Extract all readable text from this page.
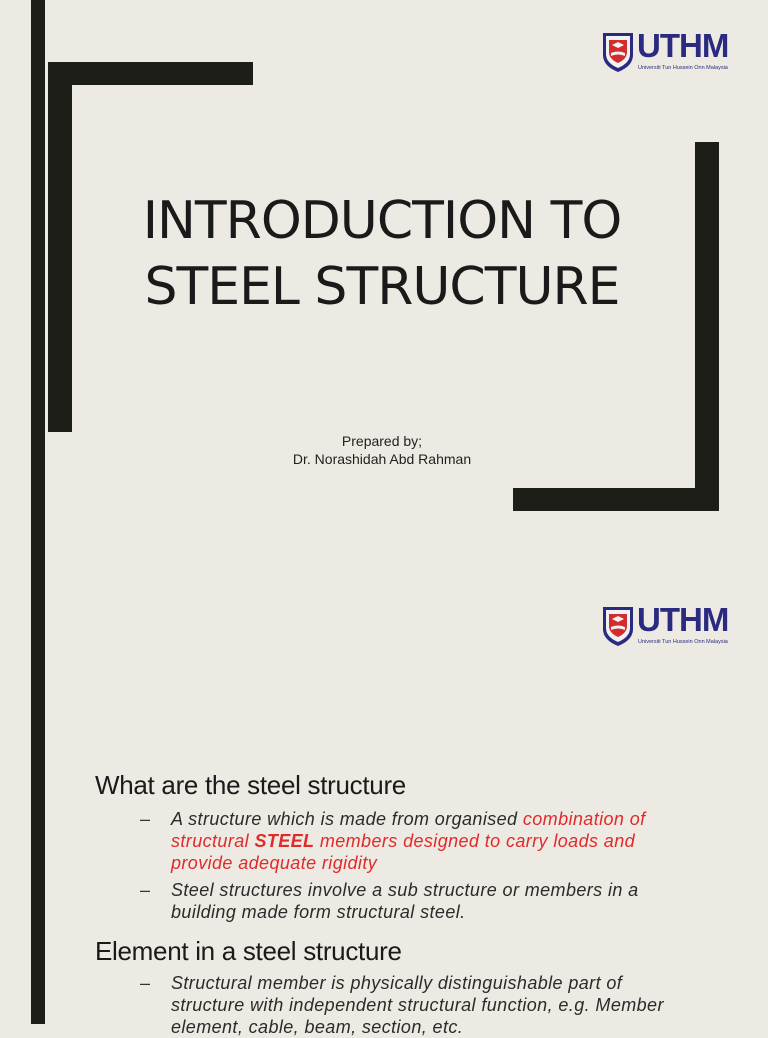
UTHM
Universiti Tun Hussein Onn Malaysia
INTRODUCTION TO
STEEL STRUCTURE
Prepared by;
Dr. Norashidah Abd Rahman
UTHM
Universiti Tun Hussein Onn Malaysia
What are the steel structure
– A structure which is made from organised combination of structural STEEL members designed to carry loads and provide adequate rigidity
– Steel structures involve a sub structure or members in a building made form structural steel.
Element in a steel structure
– Structural member is physically distinguishable part of structure with independent structural function, e.g. Member element, cable, beam, section, etc.
